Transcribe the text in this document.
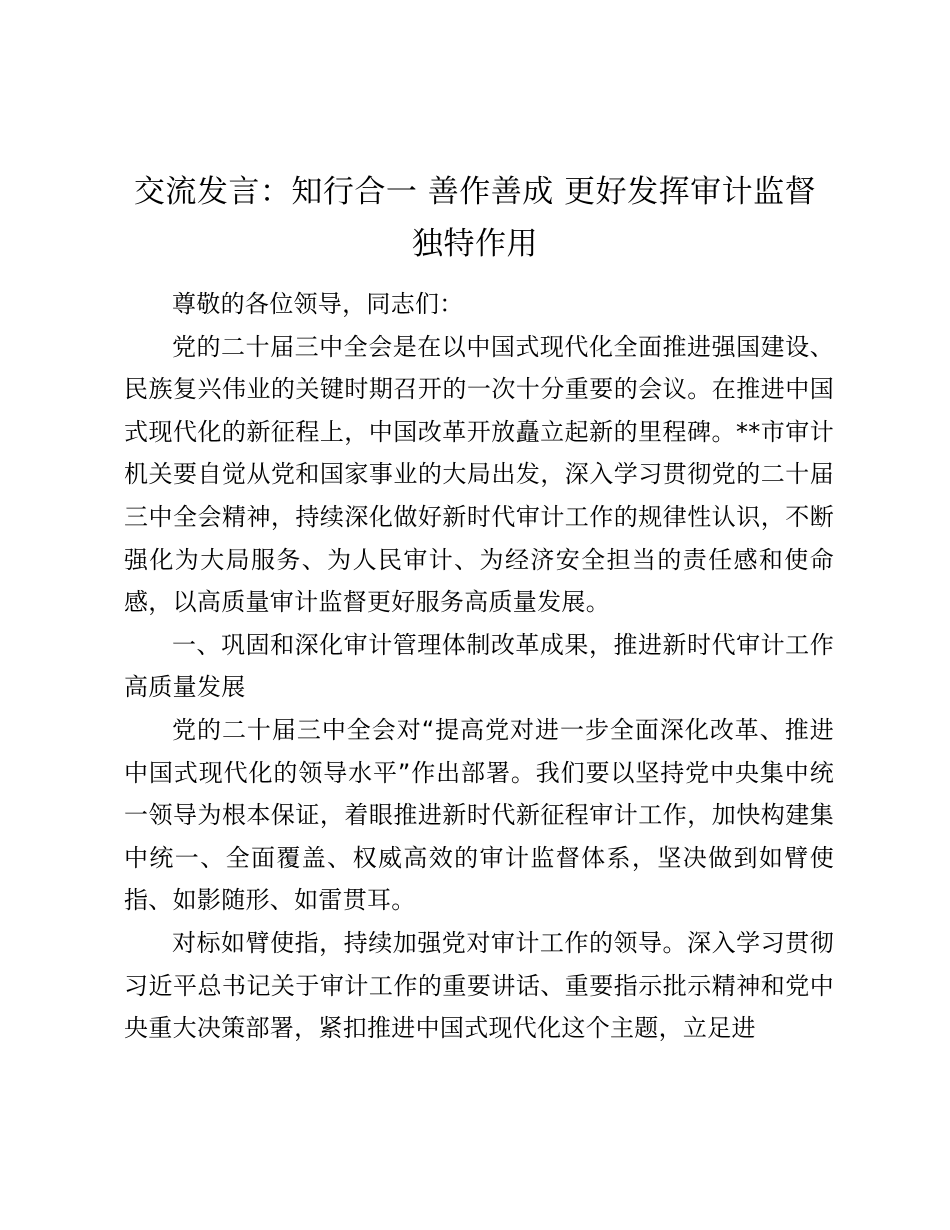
交流发言：知行合一 善作善成 更好发挥审计监督独特作用

尊敬的各位领导，同志们：

党的二十届三中全会是在以中国式现代化全面推进强国建设、民族复兴伟业的关键时期召开的一次十分重要的会议。在推进中国式现代化的新征程上，中国改革开放矗立起新的里程碑。**市审计机关要自觉从党和国家事业的大局出发，深入学习贯彻党的二十届三中全会精神，持续深化做好新时代审计工作的规律性认识，不断强化为大局服务、为人民审计、为经济安全担当的责任感和使命感，以高质量审计监督更好服务高质量发展。

一、巩固和深化审计管理体制改革成果，推进新时代审计工作高质量发展

党的二十届三中全会对“提高党对进一步全面深化改革、推进中国式现代化的领导水平”作出部署。我们要以坚持党中央集中统一领导为根本保证，着眼推进新时代新征程审计工作，加快构建集中统一、全面覆盖、权威高效的审计监督体系，坚决做到如臂使指、如影随形、如雷贯耳。

对标如臂使指，持续加强党对审计工作的领导。深入学习贯彻习近平总书记关于审计工作的重要讲话、重要指示批示精神和党中央重大决策部署，紧扣推进中国式现代化这个主题，立足进
